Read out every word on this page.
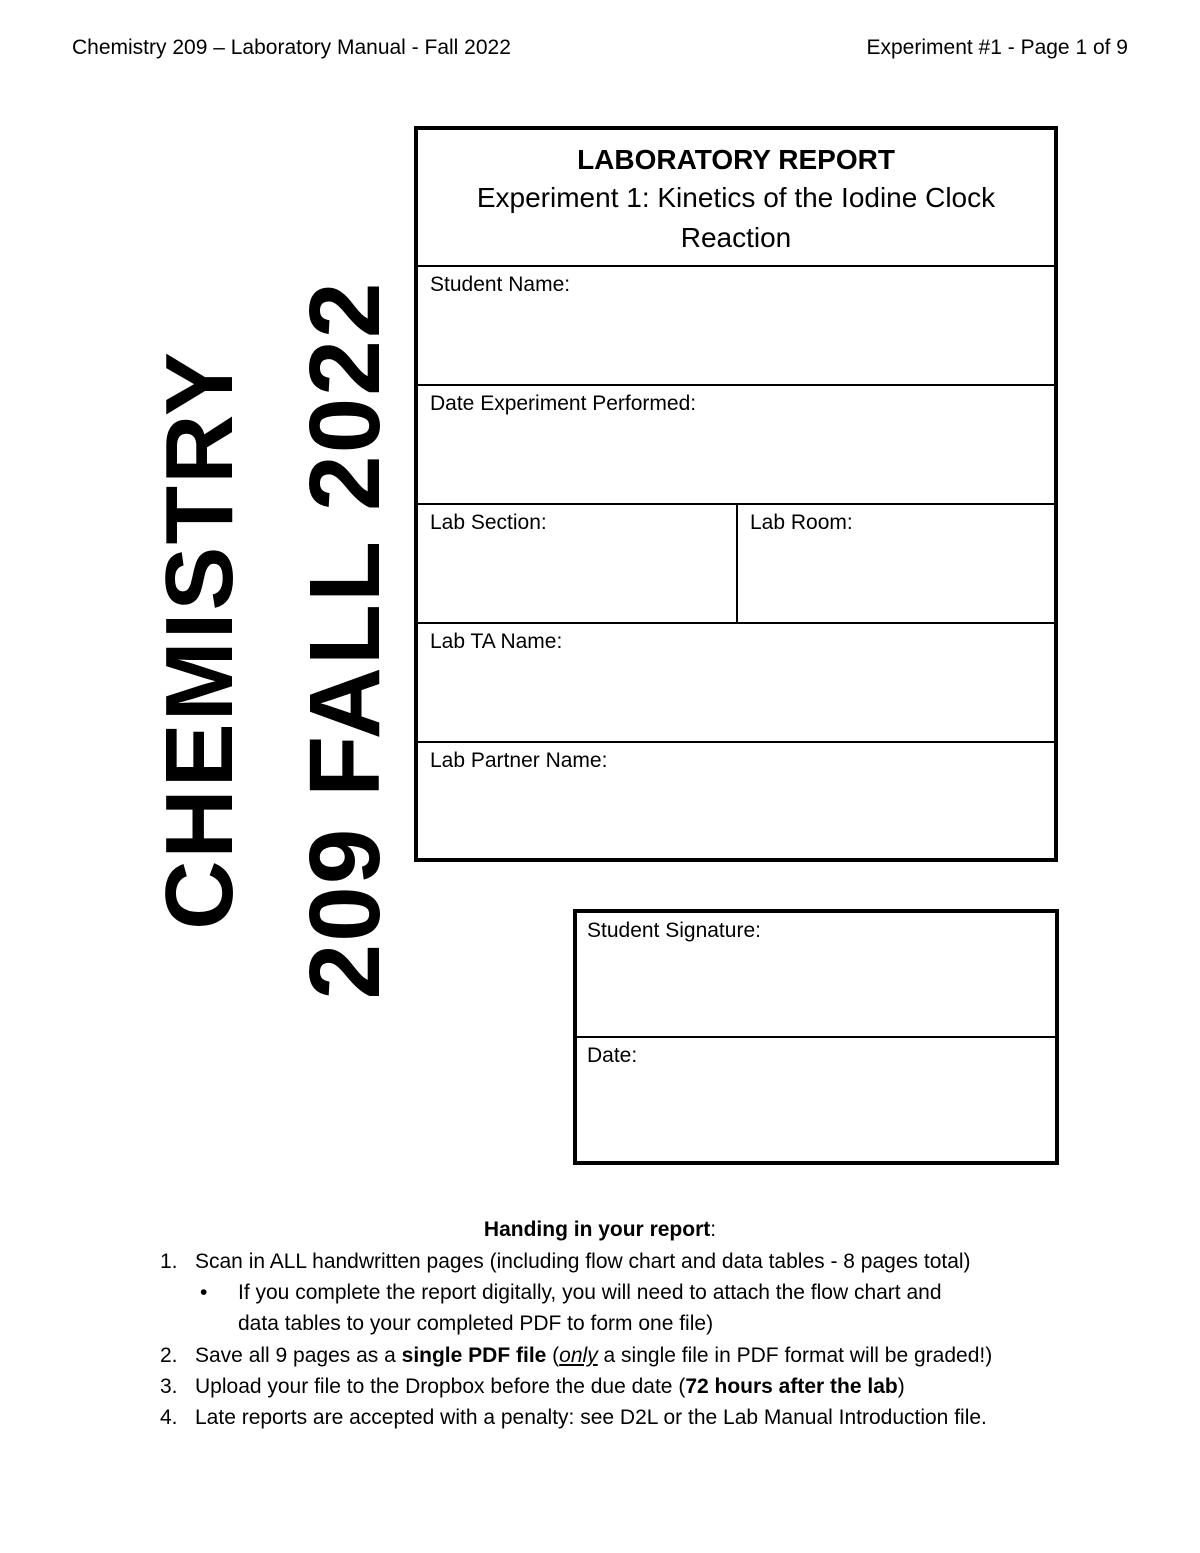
Chemistry 209 – Laboratory Manual - Fall 2022	Experiment #1 - Page 1 of 9
CHEMISTRY 209 FALL 2022
LABORATORY REPORT
Experiment 1: Kinetics of the Iodine Clock Reaction
Student Name:
Date Experiment Performed:
Lab Section:	Lab Room:
Lab TA Name:
Lab Partner Name:
Student Signature:
Date:
Handing in your report:
1. Scan in ALL handwritten pages (including flow chart and data tables - 8 pages total)
• If you complete the report digitally, you will need to attach the flow chart and
data tables to your completed PDF to form one file)
2. Save all 9 pages as a single PDF file (only a single file in PDF format will be graded!)
3. Upload your file to the Dropbox before the due date (72 hours after the lab)
4. Late reports are accepted with a penalty: see D2L or the Lab Manual Introduction file.
